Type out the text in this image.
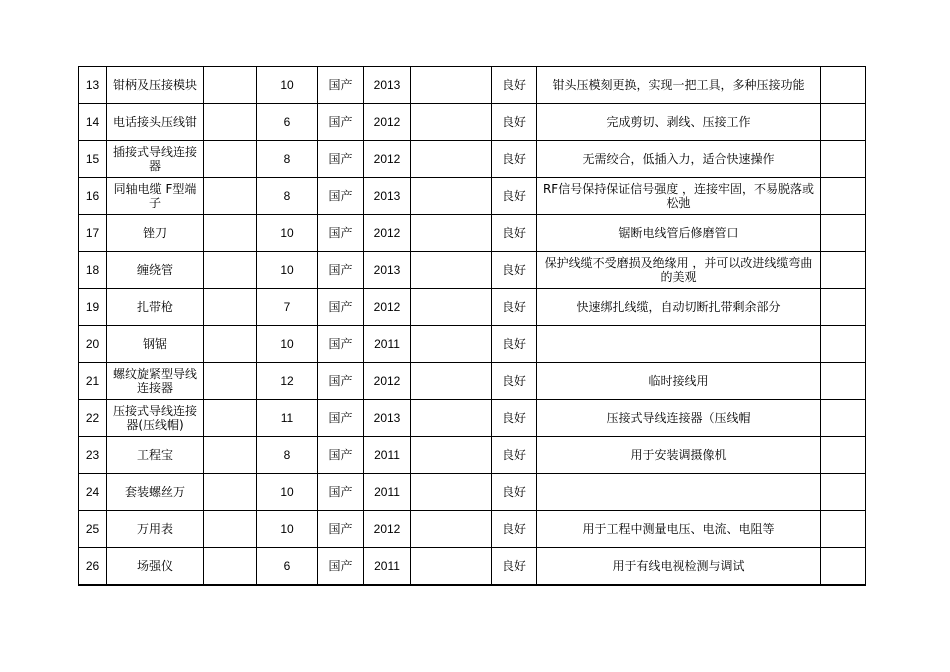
13	钳柄及压接模块		10	国产	2013		良好	钳头压模刻更换，实现一把工具，多种压接功能	
14	电话接头压线钳		6	国产	2012		良好	完成剪切、剥线、压接工作	
15	插接式导线连接器		8	国产	2012		良好	无需绞合，低插入力，适合快速操作	
16	同轴电缆 F型端子		8	国产	2013		良好	RF信号保持保证信号强度 ，连接牢固，不易脱落或松弛	
17	锉刀		10	国产	2012		良好	锯断电线管后修磨管口	
18	缠绕管		10	国产	2013		良好	保护线缆不受磨损及绝缘用 ，并可以改进线缆弯曲的美观	
19	扎带枪		7	国产	2012		良好	快速绑扎线缆，自动切断扎带剩余部分	
20	钢锯		10	国产	2011		良好		
21	螺纹旋紧型导线连接器		12	国产	2012		良好	临时接线用	
22	压接式导线连接器(压线帽)		11	国产	2013		良好	压接式导线连接器（压线帽	
23	工程宝		8	国产	2011		良好	用于安装调摄像机	
24	套装螺丝万		10	国产	2011		良好		
25	万用表		10	国产	2012		良好	用于工程中测量电压、电流、电阻等	
26	场强仪		6	国产	2011		良好	用于有线电视检测与调试	
